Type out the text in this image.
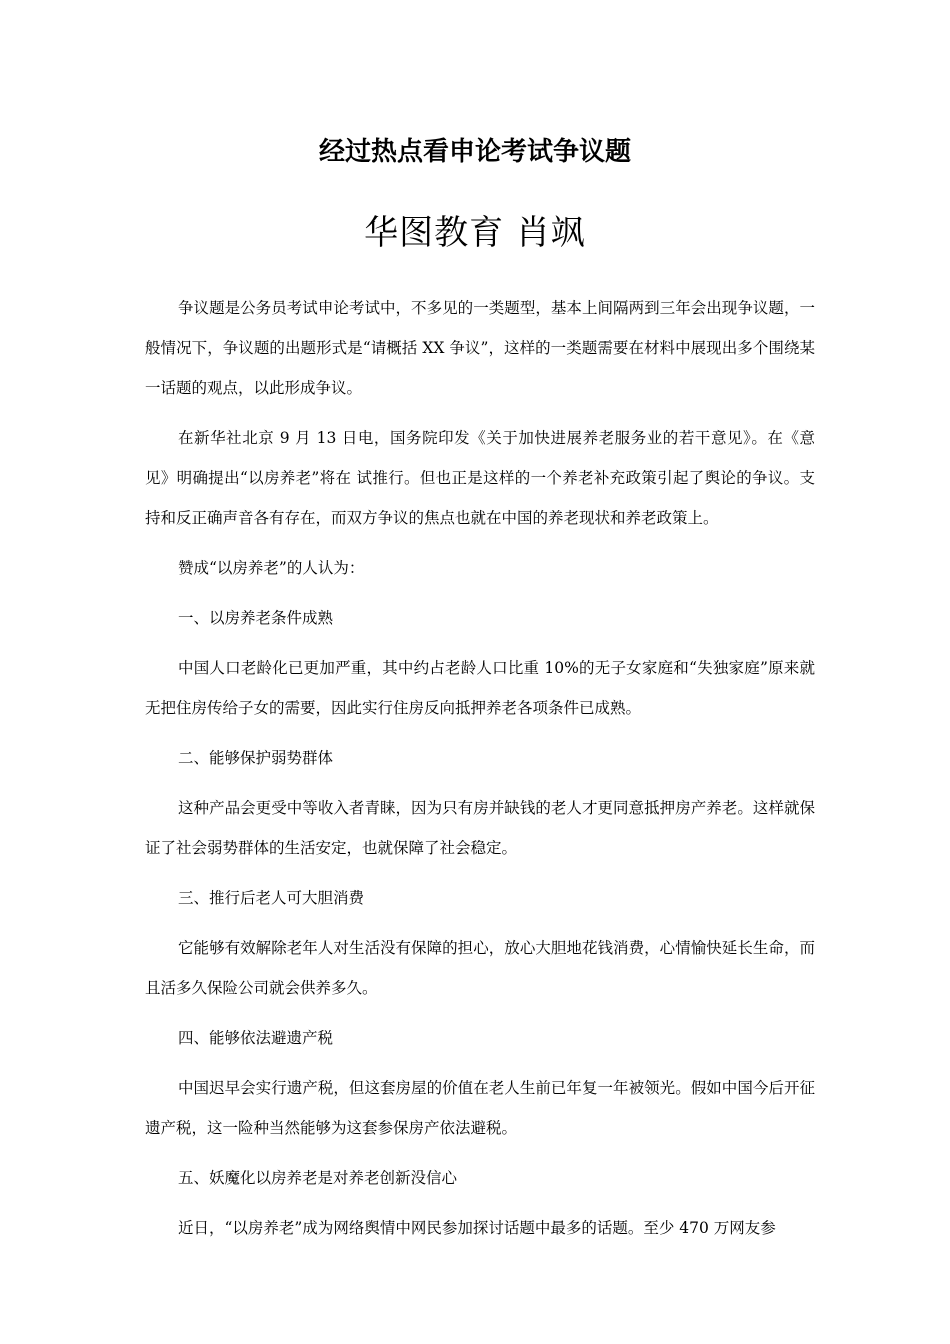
经过热点看申论考试争议题
华图教育 肖飒

争议题是公务员考试申论考试中，不多见的一类题型，基本上间隔两到三年会出现争议题，一般情况下，争议题的出题形式是“请概括 XX 争议”，这样的一类题需要在材料中展现出多个围绕某一话题的观点，以此形成争议。

在新华社北京 9 月 13 日电，国务院印发《关于加快进展养老服务业的若干意见》。在《意见》明确提出“以房养老”将在 试推行。但也正是这样的一个养老补充政策引起了舆论的争议。支持和反正确声音各有存在，而双方争议的焦点也就在中国的养老现状和养老政策上。

赞成“以房养老”的人认为：

一、以房养老条件成熟

中国人口老龄化已更加严重，其中约占老龄人口比重 10%的无子女家庭和“失独家庭”原来就无把住房传给子女的需要，因此实行住房反向抵押养老各项条件已成熟。

二、能够保护弱势群体

这种产品会更受中等收入者青睐，因为只有房并缺钱的老人才更同意抵押房产养老。这样就保证了社会弱势群体的生活安定，也就保障了社会稳定。

三、推行后老人可大胆消费

它能够有效解除老年人对生活没有保障的担心，放心大胆地花钱消费，心情愉快延长生命，而且活多久保险公司就会供养多久。

四、能够依法避遗产税

中国迟早会实行遗产税，但这套房屋的价值在老人生前已年复一年被领光。假如中国今后开征遗产税，这一险种当然能够为这套参保房产依法避税。

五、妖魔化以房养老是对养老创新没信心

近日，“以房养老”成为网络舆情中网民参加探讨话题中最多的话题。至少 470 万网友参
